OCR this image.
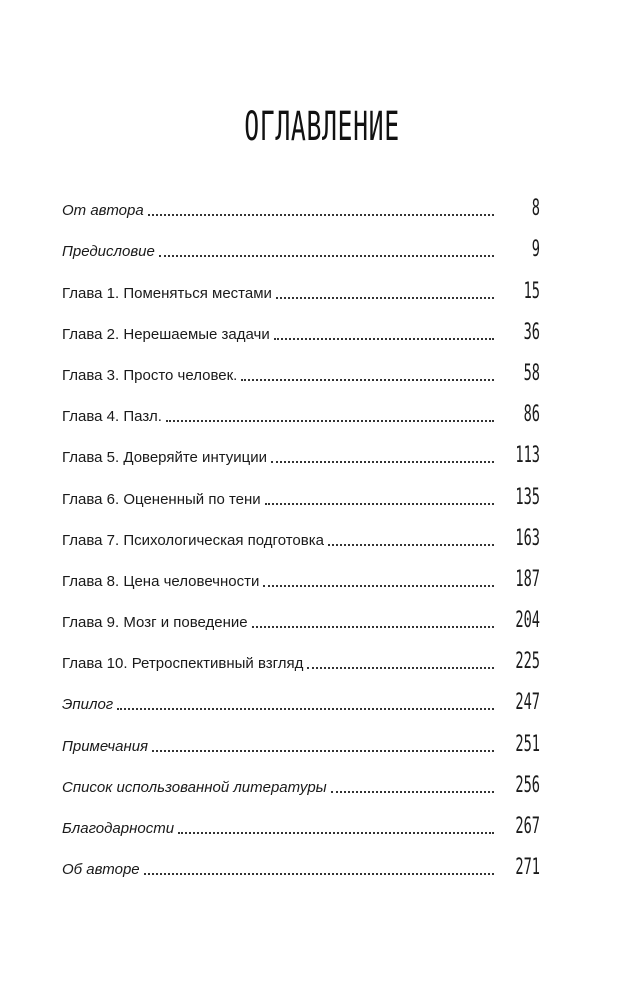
ОГЛАВЛЕНИЕ
От автора	8
Предисловие	9
Глава 1. Поменяться местами	15
Глава 2. Нерешаемые задачи	36
Глава 3. Просто человек.	58
Глава 4. Пазл.	86
Глава 5. Доверяйте интуиции	113
Глава 6. Оцененный по тени	135
Глава 7. Психологическая подготовка	163
Глава 8. Цена человечности	187
Глава 9. Мозг и поведение	204
Глава 10. Ретроспективный взгляд	225
Эпилог	247
Примечания	251
Список использованной литературы	256
Благодарности	267
Об авторе	271
